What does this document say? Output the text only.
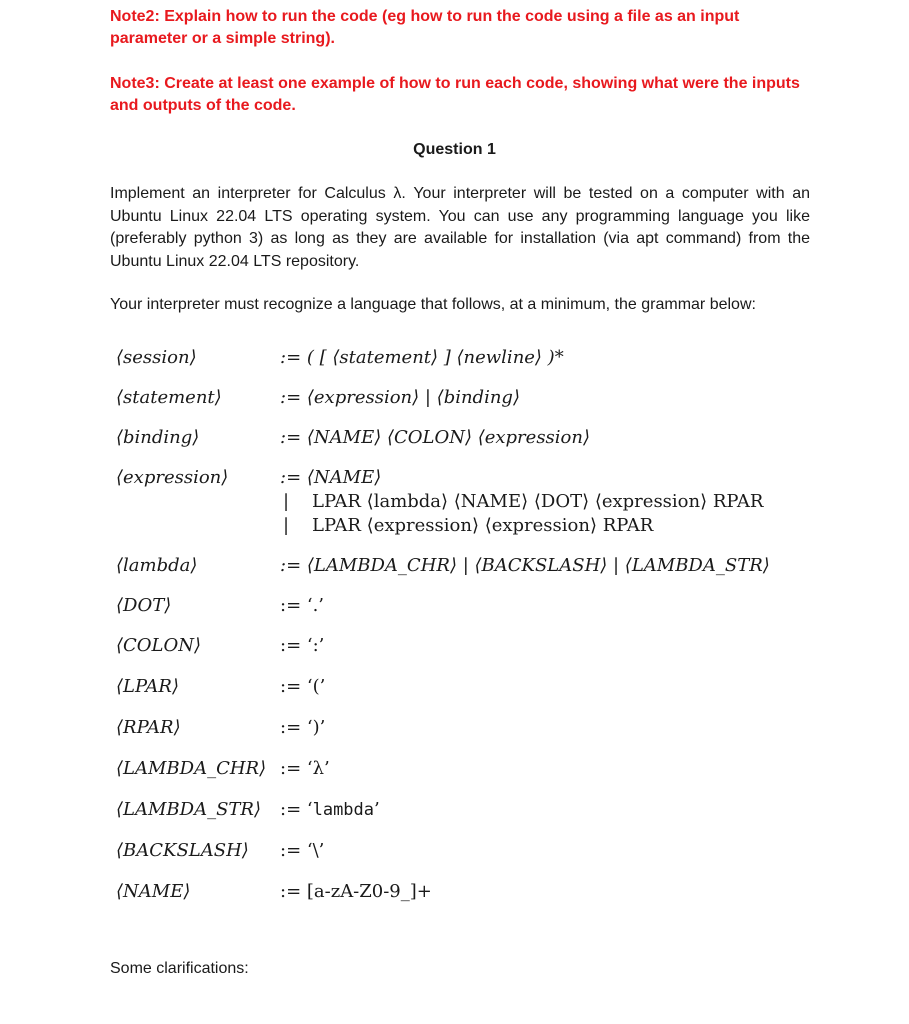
Note2: Explain how to run the code (eg how to run the code using a file as an input parameter or a simple string).
Note3: Create at least one example of how to run each code, showing what were the inputs and outputs of the code.
Question 1
Implement an interpreter for Calculus λ. Your interpreter will be tested on a computer with an Ubuntu Linux 22.04 LTS operating system. You can use any programming language you like (preferably python 3) as long as they are available for installation (via apt command) from the Ubuntu Linux 22.04 LTS repository.
Your interpreter must recognize a language that follows, at a minimum, the grammar below:
⟨session⟩	:= ( [ ⟨statement⟩ ] ⟨newline⟩ )*
⟨statement⟩	:= ⟨expression⟩ | ⟨binding⟩
⟨binding⟩	:= ⟨NAME⟩ ⟨COLON⟩ ⟨expression⟩
⟨expression⟩	:= ⟨NAME⟩
| LPAR ⟨lambda⟩ ⟨NAME⟩ ⟨DOT⟩ ⟨expression⟩ RPAR
| LPAR ⟨expression⟩ ⟨expression⟩ RPAR
⟨lambda⟩	:= ⟨LAMBDA_CHR⟩ | ⟨BACKSLASH⟩ | ⟨LAMBDA_STR⟩
⟨DOT⟩	:= ‘.’
⟨COLON⟩	:= ‘:’
⟨LPAR⟩	:= ‘(’
⟨RPAR⟩	:= ‘)’
⟨LAMBDA_CHR⟩ := ‘λ’
⟨LAMBDA_STR⟩ := ‘lambda’
⟨BACKSLASH⟩ := ‘\’
⟨NAME⟩	:= [a-zA-Z0-9_]+
Some clarifications:
